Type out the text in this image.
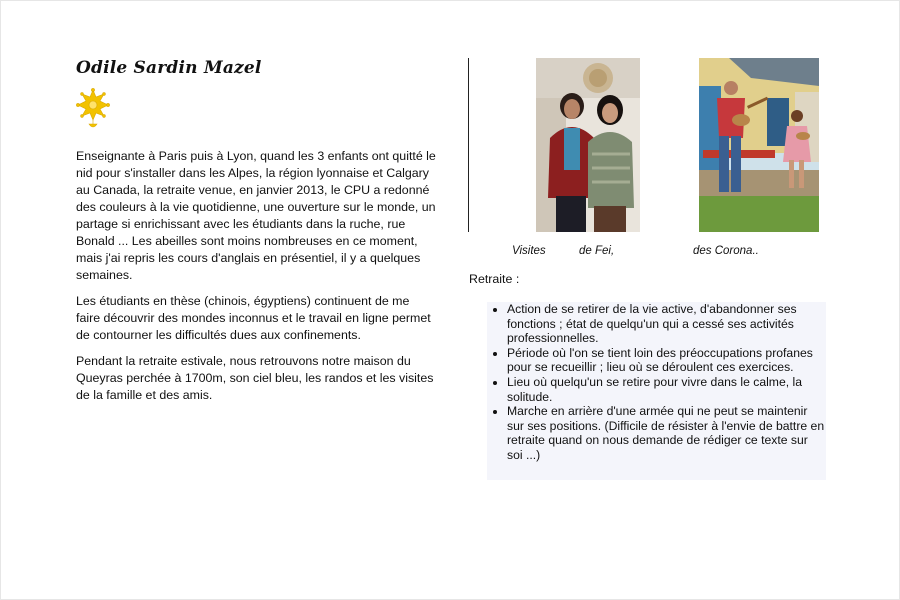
Odile Sardin Mazel

Enseignante à Paris puis à Lyon, quand les 3 enfants ont quitté le nid pour s'installer dans les Alpes, la région lyonnaise et Calgary au Canada, la retraite venue, en janvier 2013, le CPU a redonné des couleurs à la vie quotidienne, une ouverture sur le monde, un partage si enrichissant avec les étudiants dans la ruche, rue Bonald ... Les abeilles sont moins nombreuses en ce moment, mais j'ai repris les cours d'anglais en présentiel, il y a quelques semaines.

Les étudiants en thèse (chinois, égyptiens) continuent de me faire découvrir des mondes inconnus et le travail en ligne permet de contourner les difficultés dues aux confinements.

Pendant la retraite estivale, nous retrouvons notre maison du Queyras perchée à 1700m, son ciel bleu, les randos et les visites de la famille et des amis.

Visites	de Fei,	des Corona..
Retraite :
• Action de se retirer de la vie active, d'abandonner ses fonctions ; état de quelqu'un qui a cessé ses activités professionnelles.
• Période où l'on se tient loin des préoccupations profanes pour se recueillir ; lieu où se déroulent ces exercices.
• Lieu où quelqu'un se retire pour vivre dans le calme, la solitude.
• Marche en arrière d'une armée qui ne peut se maintenir sur ses positions. (Difficile de résister à l'envie de battre en retraite quand on nous demande de rédiger ce texte sur soi ...)
